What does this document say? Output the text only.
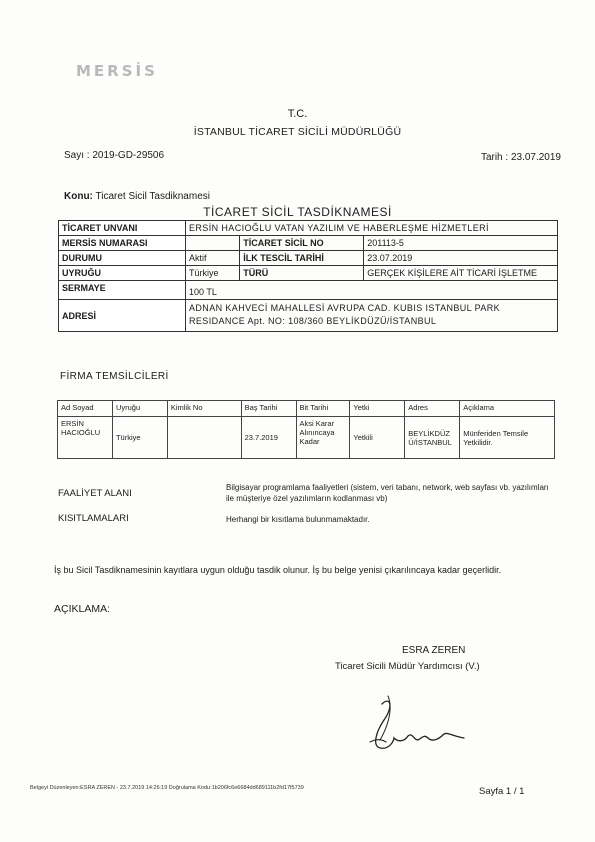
MERSİS
T.C.
İSTANBUL TİCARET SİCİLİ MÜDÜRLÜĞÜ
Sayı : 2019-GD-29506	Tarih : 23.07.2019
Konu: Ticaret Sicil Tasdiknamesi
TİCARET SİCİL TASDİKNAMESİ
TİCARET UNVANI	ERSİN HACIOĞLU VATAN YAZILIM VE HABERLEŞME HİZMETLERİ		
MERSİS NUMARASI		TİCARET SİCİL NO	201113-5
DURUMU	Aktif	İLK TESCİL TARİHİ	23.07.2019
UYRUĞU	Türkiye	TÜRÜ	GERÇEK KİŞİLERE AİT TİCARİ İŞLETME
SERMAYE	100 TL		
ADRESİ	ADNAN KAHVECİ MAHALLESİ AVRUPA CAD. KUBIS ISTANBUL PARK RESIDANCE Apt. NO: 108/360 BEYLİKDÜZÜ/İSTANBUL		
FİRMA TEMSİLCİLERİ
Ad Soyad	Uyruğu	Kimlik No	Baş Tarihi	Bit Tarihi	Yetki	Adres	Açıklama
ERSİN HACIOĞLU	Türkiye		23.7.2019	Aksi Karar Alınıncaya Kadar	Yetkili	BEYLİKDÜZ Ü/İSTANBUL	Münferiden Temsile Yetkilidir.
FAALİYET ALANI
Bilgisayar programlama faaliyetleri (sistem, veri tabanı, network, web sayfası vb. yazılımları ile müşteriye özel yazılımların kodlanması vb)
KISITLAMALARI	Herhangi bir kısıtlama bulunmamaktadır.
İş bu Sicil Tasdiknamesinin kayıtlara uygun olduğu tasdik olunur. İş bu belge yenisi çıkarılıncaya kadar geçerlidir.
AÇIKLAMA:
ESRA ZEREN
Ticaret Sicili Müdür Yardımcısı (V.)
Belgeyi Düzenleyen:ESRA ZEREN - 23.7.2019 14:26:19 Doğrulama Kodu:1b206fc6e6684dd689111b2fd17f5739	Sayfa 1 / 1
